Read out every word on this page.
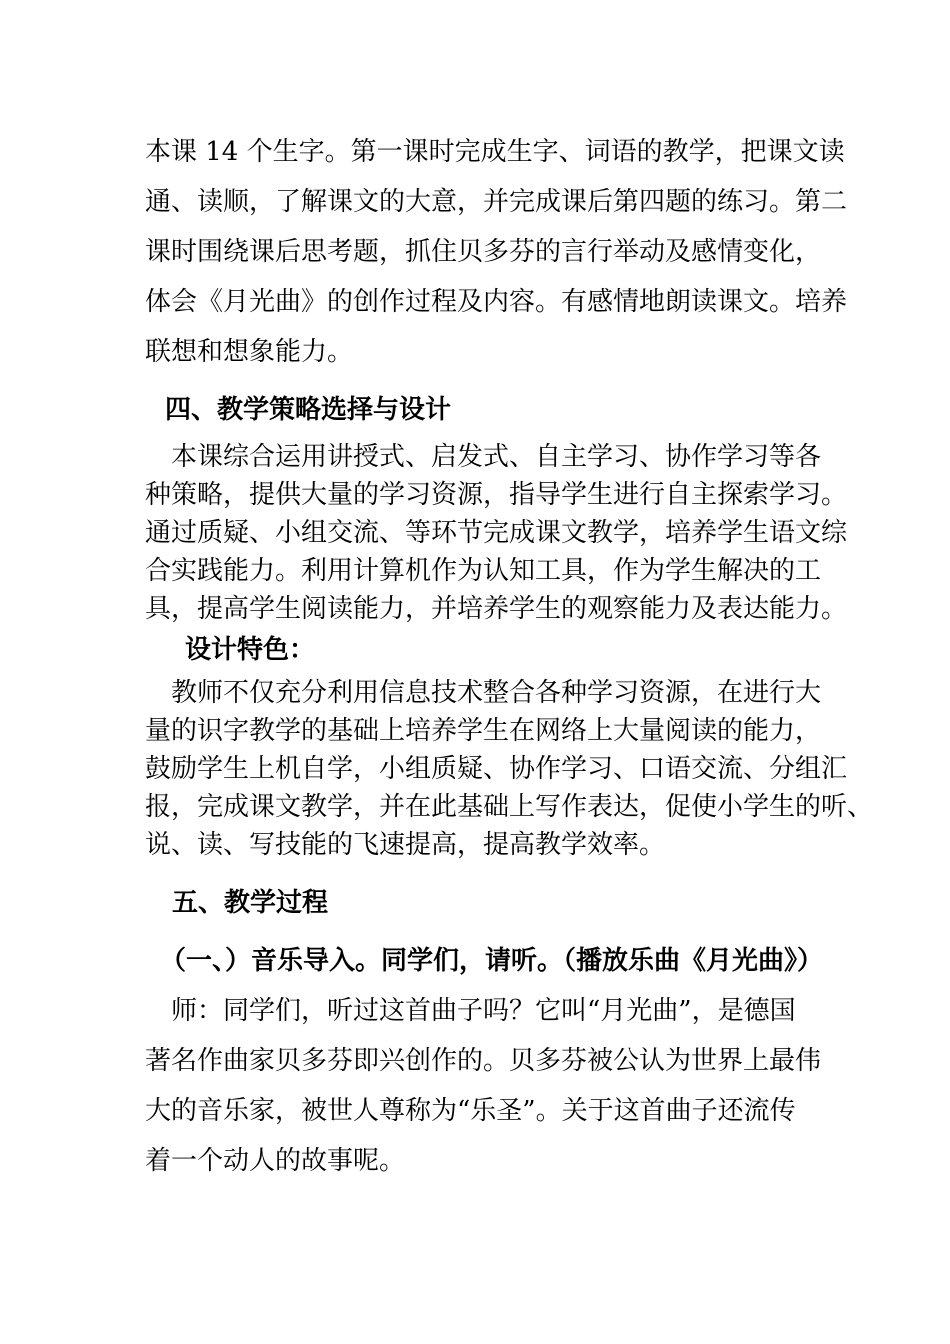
本课 14 个生字。第一课时完成生字、词语的教学，把课文读

通、读顺，了解课文的大意，并完成课后第四题的练习。第二

课时围绕课后思考题，抓住贝多芬的言行举动及感情变化，

体会《月光曲》的创作过程及内容。有感情地朗读课文。培养

联想和想象能力。

四、教学策略选择与设计

　本课综合运用讲授式、启发式、自主学习、协作学习等各

种策略，提供大量的学习资源，指导学生进行自主探索学习。

通过质疑、小组交流、等环节完成课文教学，培养学生语文综

合实践能力。利用计算机作为认知工具，作为学生解决的工

具，提高学生阅读能力，并培养学生的观察能力及表达能力。

设计特色：

　教师不仅充分利用信息技术整合各种学习资源，在进行大

量的识字教学的基础上培养学生在网络上大量阅读的能力，

鼓励学生上机自学，小组质疑、协作学习、口语交流、分组汇

报，完成课文教学，并在此基础上写作表达，促使小学生的听、

说、读、写技能的飞速提高，提高教学效率。

五、教学过程

（一、）音乐导入。同学们，请听。（播放乐曲《月光曲》）

　师：同学们，听过这首曲子吗？它叫“月光曲”，是德国

著名作曲家贝多芬即兴创作的。贝多芬被公认为世界上最伟

大的音乐家，被世人尊称为“乐圣”。关于这首曲子还流传

着一个动人的故事呢。
